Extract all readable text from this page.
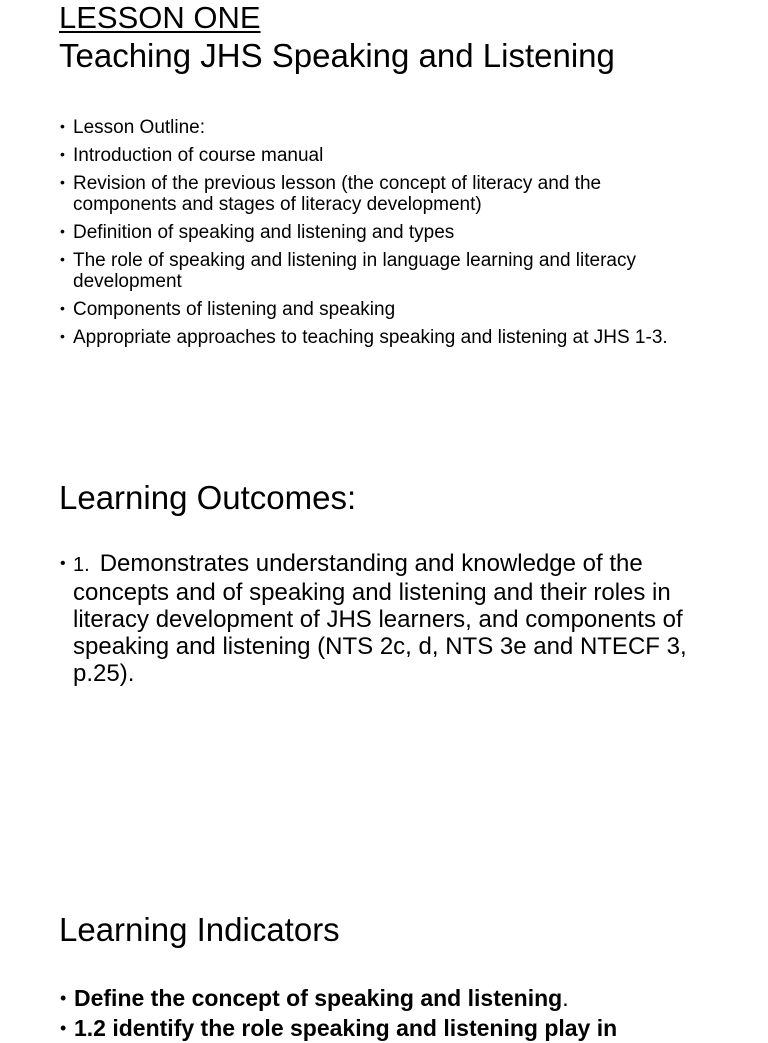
LESSON ONE
Teaching JHS Speaking and Listening
• Lesson Outline:
• Introduction of course manual
• Revision of the previous lesson (the concept of literacy and the components and stages of literacy development)
• Definition of speaking and listening and types
• The role of speaking and listening in language learning and literacy development
• Components of listening and speaking
• Appropriate approaches to teaching speaking and listening at JHS 1-3.
Learning Outcomes:
• 1. Demonstrates understanding and knowledge of the concepts and of speaking and listening and their roles in literacy development of JHS learners, and components of speaking and listening (NTS 2c, d, NTS 3e and NTECF 3, p.25).
Learning Indicators
• Define the concept of speaking and listening.
• 1.2 identify the role speaking and listening play in
